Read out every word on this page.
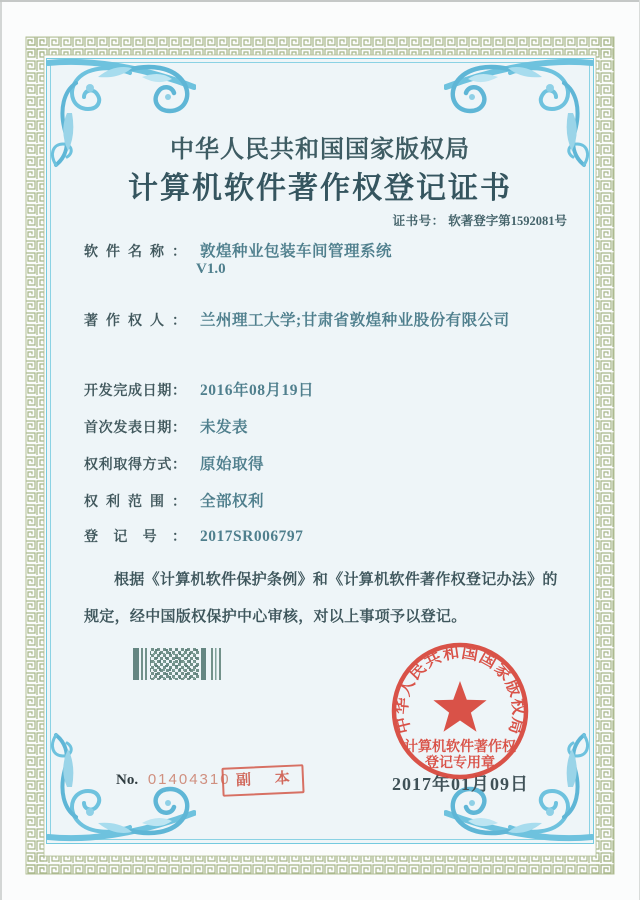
中华人民共和国国家版权局
计算机软件著作权登记证书
证书号： 软著登字第1592081号
软件名称： 敦煌种业包装车间管理系统
V1.0
著作权人： 兰州理工大学;甘肃省敦煌种业股份有限公司
开发完成日期： 2016年08月19日
首次发表日期： 未发表
权利取得方式： 原始取得
权利范围： 全部权利
登记号： 2017SR006797
根据《计算机软件保护条例》和《计算机软件著作权登记办法》的
规定，经中国版权保护中心审核，对以上事项予以登记。
No. 01404310 副 本	2017年01月09日
中华人民共和国国家版权局
计算机软件著作权
登记专用章
